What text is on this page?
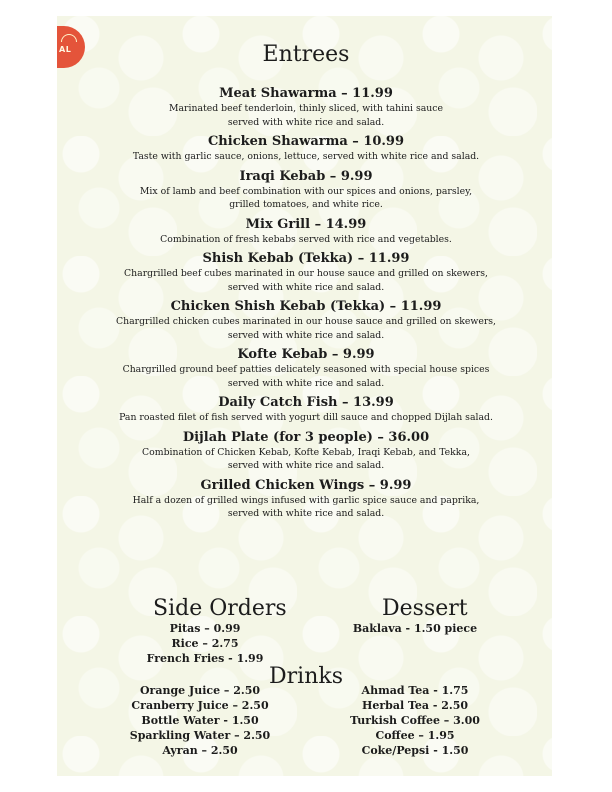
AL	Entrees
Meat Shawarma – 11.99
Marinated beef tenderloin, thinly sliced, with tahini sauce
served with white rice and salad.
Chicken Shawarma – 10.99
Taste with garlic sauce, onions, lettuce, served with white rice and salad.
Iraqi Kebab – 9.99
Mix of lamb and beef combination with our spices and onions, parsley,
grilled tomatoes, and white rice.
Mix Grill – 14.99
Combination of fresh kebabs served with rice and vegetables.
Shish Kebab (Tekka) – 11.99
Chargrilled beef cubes marinated in our house sauce and grilled on skewers,
served with white rice and salad.
Chicken Shish Kebab (Tekka) – 11.99
Chargrilled chicken cubes marinated in our house sauce and grilled on skewers,
served with white rice and salad.
Kofte Kebab – 9.99
Chargrilled ground beef patties delicately seasoned with special house spices
served with white rice and salad.
Daily Catch Fish – 13.99
Pan roasted filet of fish served with yogurt dill sauce and chopped Dijlah salad.
Dijlah Plate (for 3 people) – 36.00
Combination of Chicken Kebab, Kofte Kebab, Iraqi Kebab, and Tekka,
served with white rice and salad.
Grilled Chicken Wings – 9.99
Half a dozen of grilled wings infused with garlic spice sauce and paprika,
served with white rice and salad.
Side Orders
Pitas – 0.99
Rice – 2.75
French Fries - 1.99
Dessert
Baklava - 1.50 piece
Drinks
Orange Juice – 2.50
Cranberry Juice – 2.50
Bottle Water - 1.50
Sparkling Water – 2.50
Ayran – 2.50
Ahmad Tea - 1.75
Herbal Tea - 2.50
Turkish Coffee – 3.00
Coffee – 1.95
Coke/Pepsi - 1.50
